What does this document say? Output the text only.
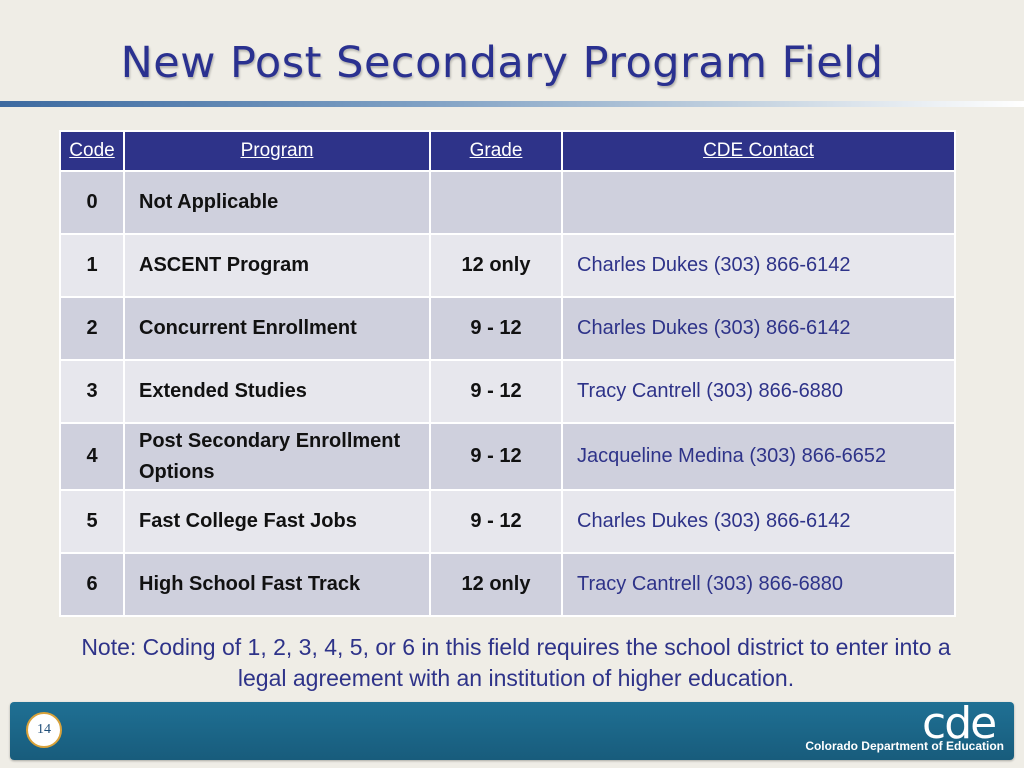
New Post Secondary Program Field
Code	Program	Grade	CDE Contact
0	Not Applicable		
1	ASCENT Program	12 only	Charles Dukes (303) 866-6142
2	Concurrent Enrollment	9 - 12	Charles Dukes (303) 866-6142
3	Extended Studies	9 - 12	Tracy Cantrell (303) 866-6880
4	Post Secondary Enrollment Options	9 - 12	Jacqueline Medina (303) 866-6652
5	Fast College Fast Jobs	9 - 12	Charles Dukes (303) 866-6142
6	High School Fast Track	12 only	Tracy Cantrell (303) 866-6880
Note: Coding of 1, 2, 3, 4, 5, or 6 in this field requires the school district to enter into a legal agreement with an institution of higher education.
14	cde
Colorado Department of Education
